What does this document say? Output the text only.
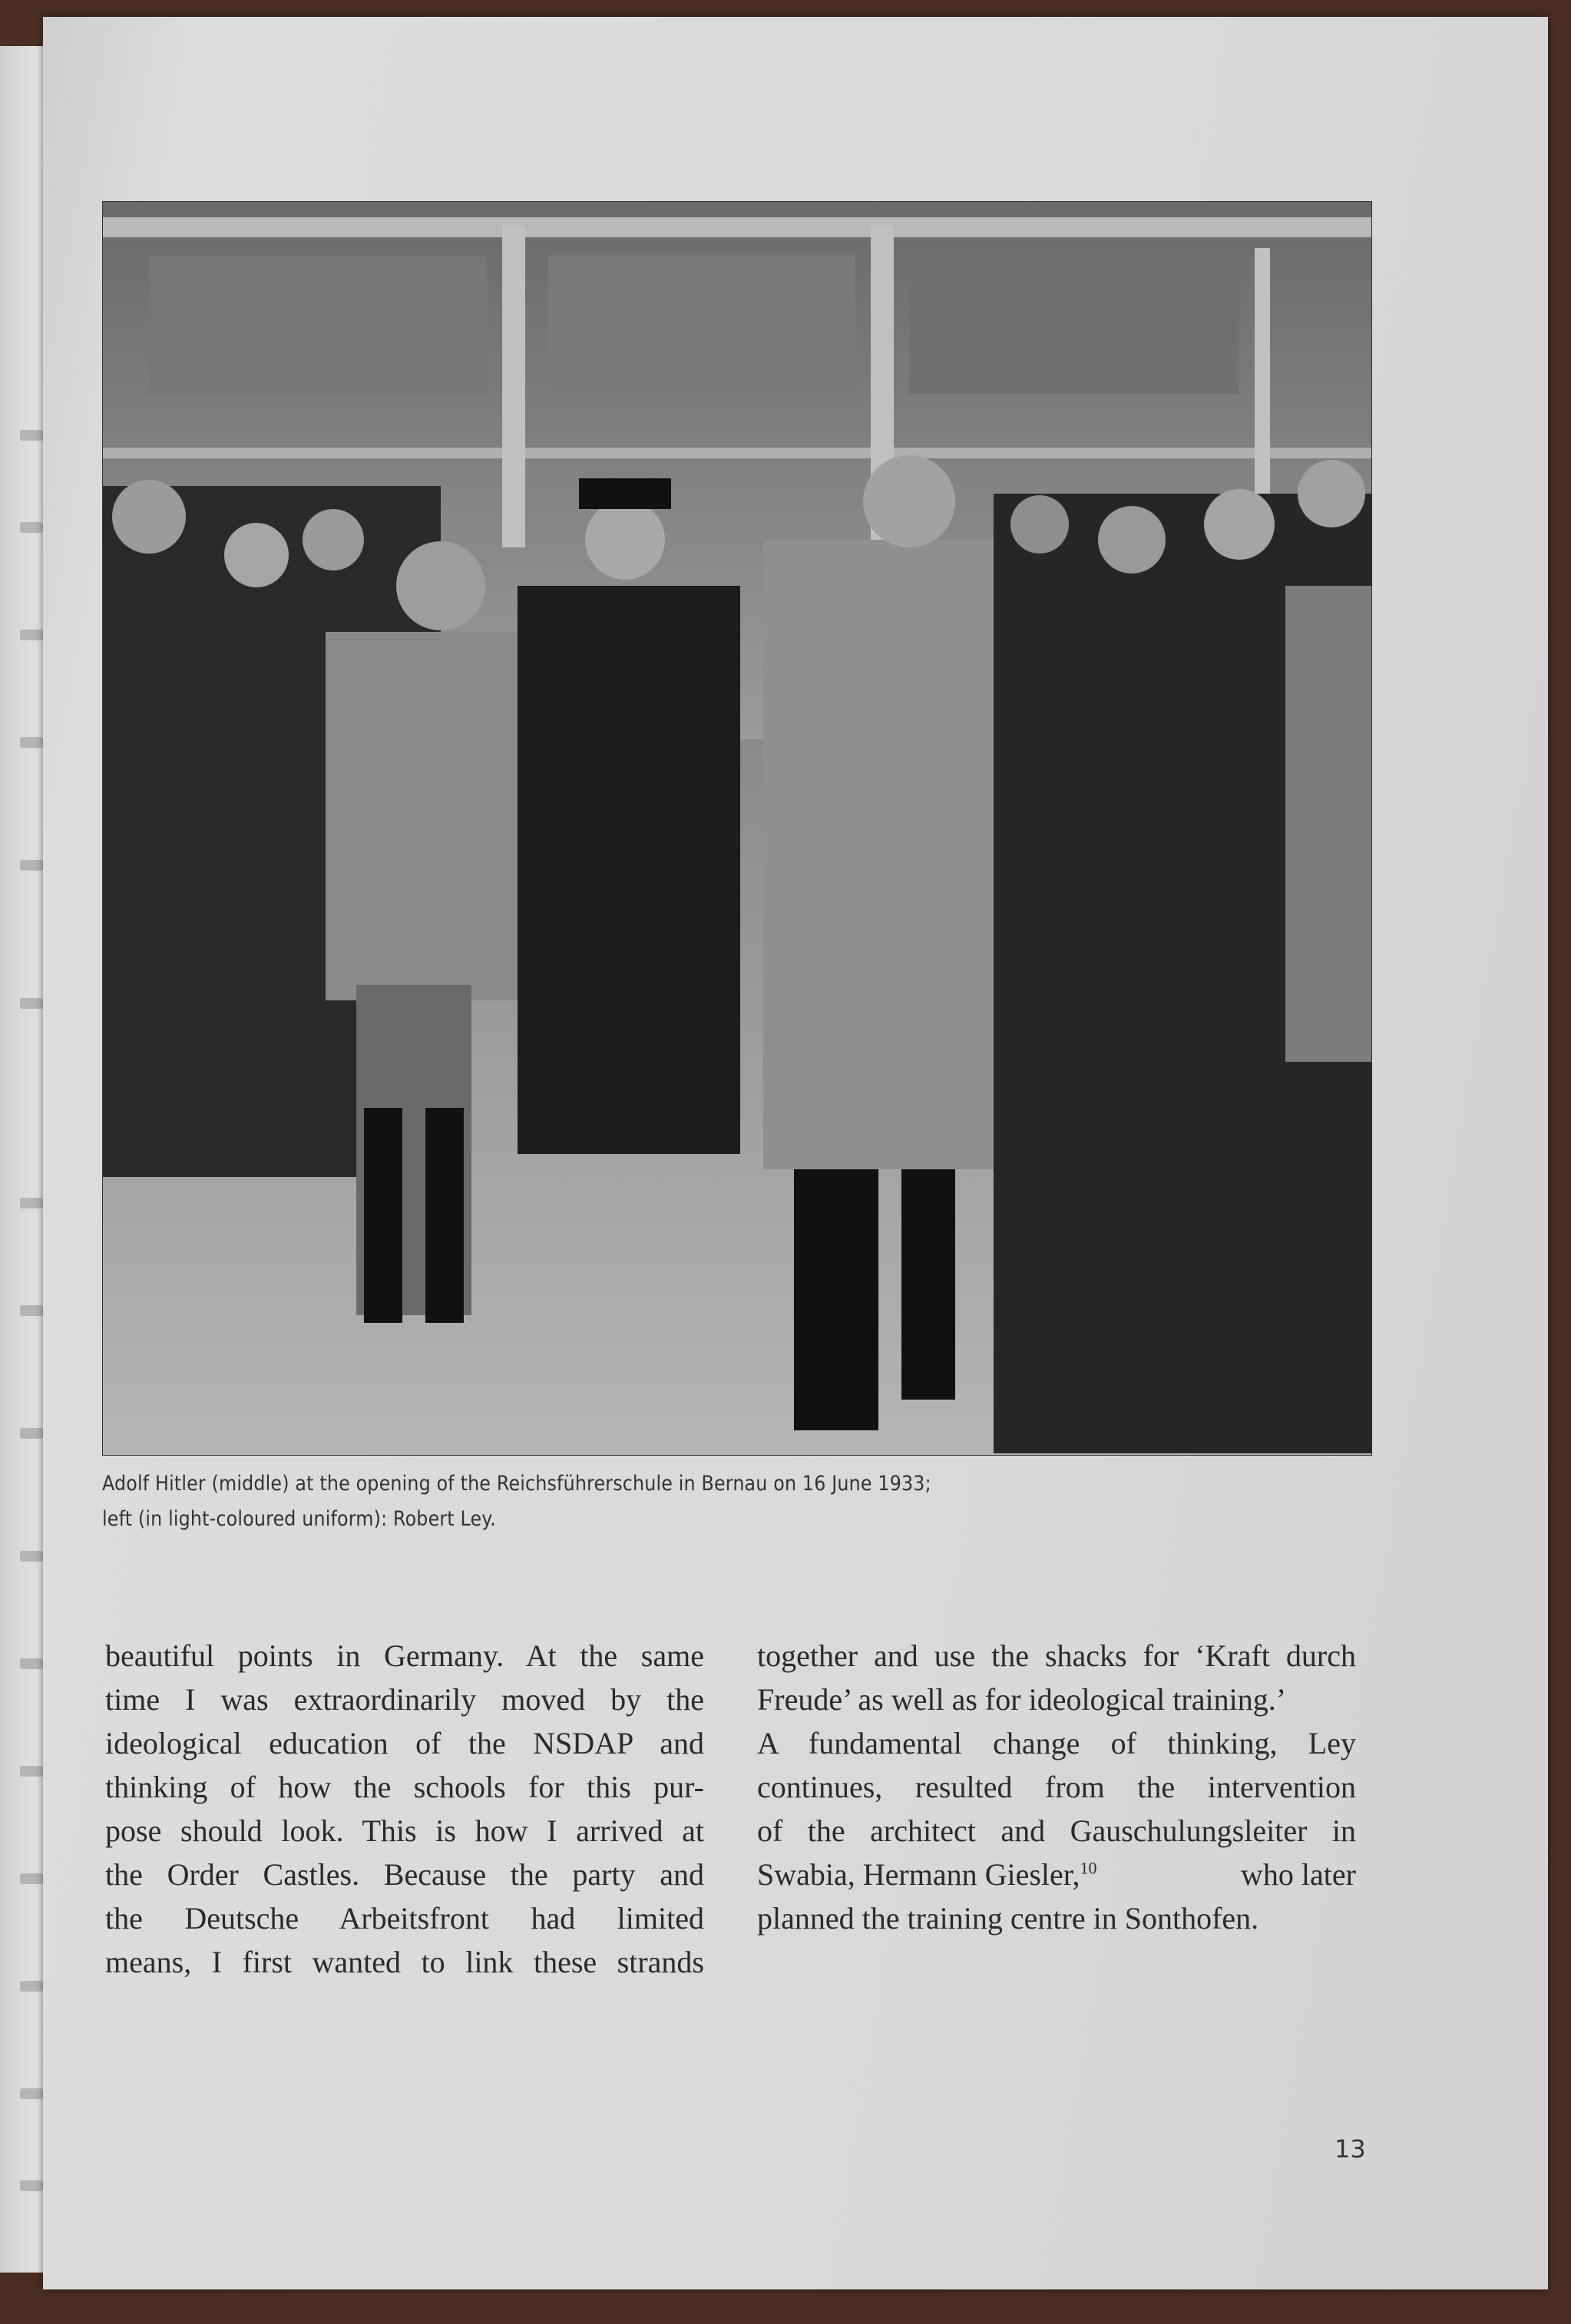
Adolf Hitler (middle) at the opening of the Reichsführerschule in Bernau on 16 June 1933;
left (in light-coloured uniform): Robert Ley.
beautiful points in Germany. At the same
time I was extraordinarily moved by the
ideological education of the NSDAP and
thinking of how the schools for this pur-
pose should look. This is how I arrived at
the Order Castles. Because the party and
the Deutsche Arbeitsfront had limited
means, I first wanted to link these strands
together and use the shacks for ‘Kraft durch
Freude’ as well as for ideological training.’
A fundamental change of thinking, Ley
continues, resulted from the intervention
of the architect and Gauschulungsleiter in
Swabia, Hermann Giesler,$^{10}$	who later
planned the training centre in Sonthofen.
13
